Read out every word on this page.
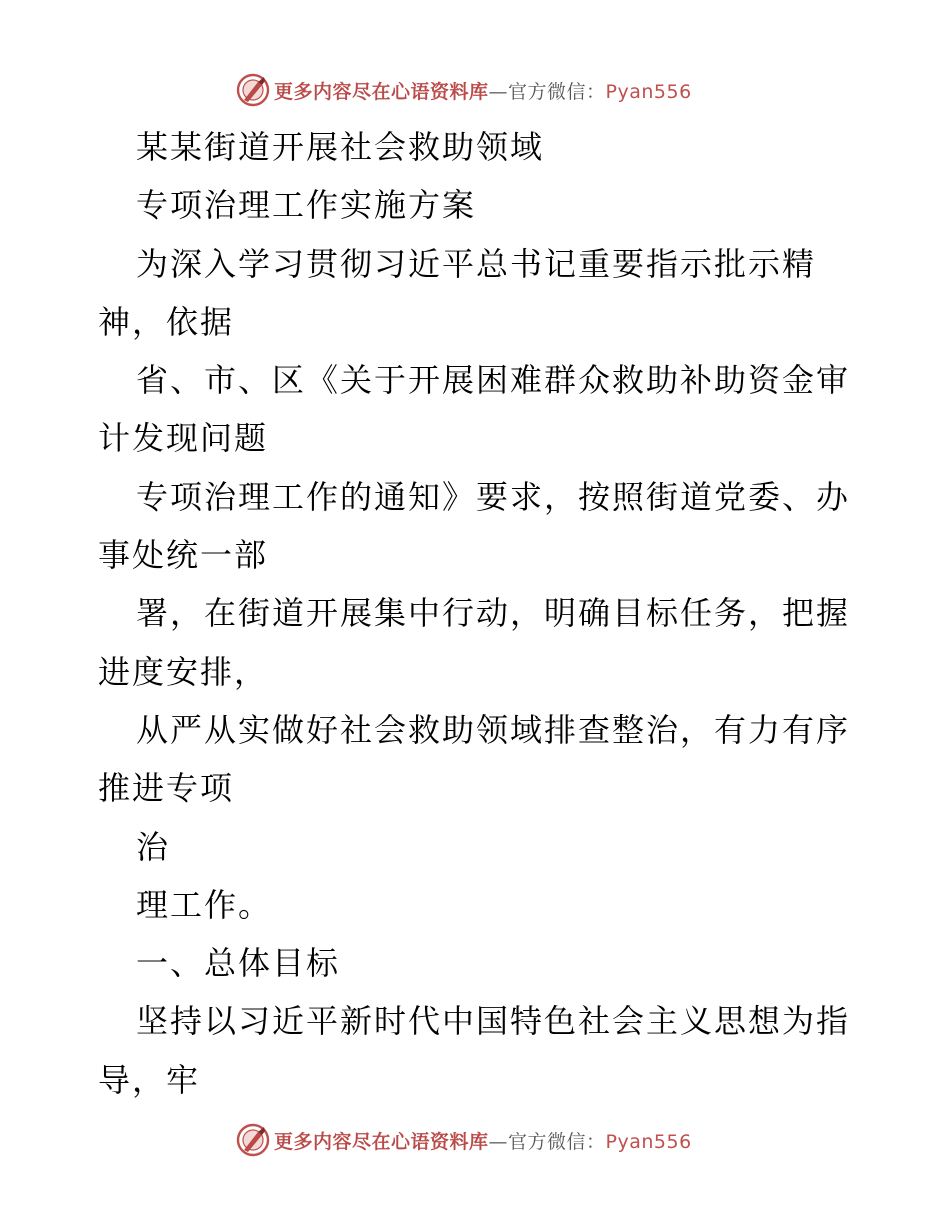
更多内容尽在心语资料库—官方微信：Pyan556
某某街道开展社会救助领域
专项治理工作实施方案
为深入学习贯彻习近平总书记重要指示批示精
神，依据
省、市、区《关于开展困难群众救助补助资金审
计发现问题
专项治理工作的通知》要求，按照街道党委、办
事处统一部
署，在街道开展集中行动，明确目标任务，把握
进度安排，
从严从实做好社会救助领域排查整治，有力有序
推进专项
治
理工作。
一、总体目标
坚持以习近平新时代中国特色社会主义思想为指
导，牢
更多内容尽在心语资料库—官方微信：Pyan556
